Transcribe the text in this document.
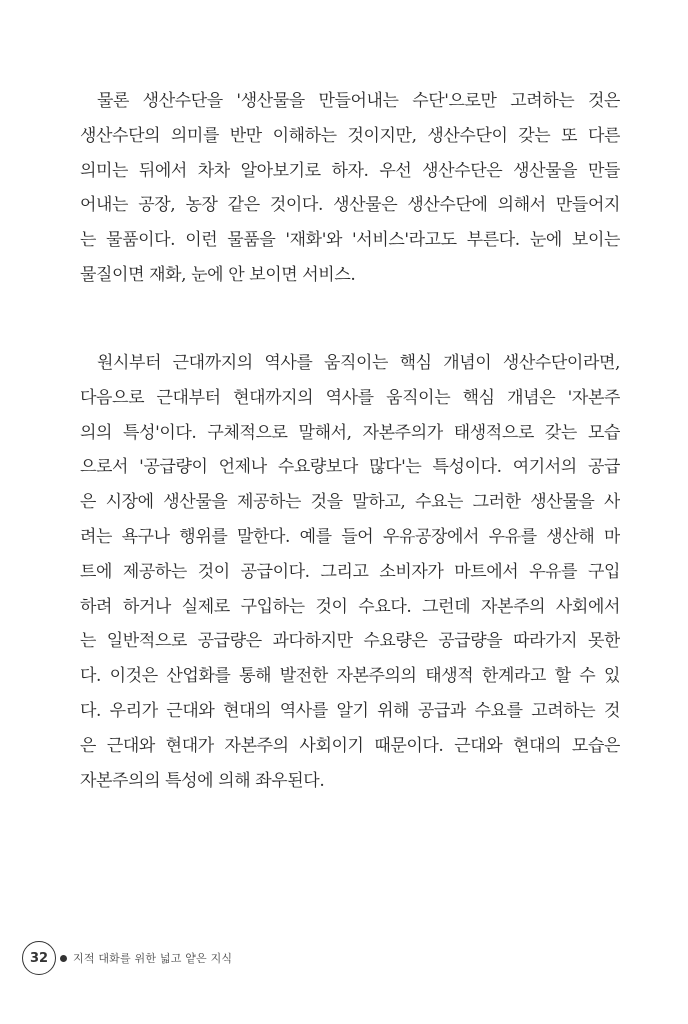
물론 생산수단을 '생산물을 만들어내는 수단'으로만 고려하는 것은
생산수단의 의미를 반만 이해하는 것이지만, 생산수단이 갖는 또 다른
의미는 뒤에서 차차 알아보기로 하자. 우선 생산수단은 생산물을 만들
어내는 공장, 농장 같은 것이다. 생산물은 생산수단에 의해서 만들어지
는 물품이다. 이런 물품을 '재화'와 '서비스'라고도 부른다. 눈에 보이는
물질이면 재화, 눈에 안 보이면 서비스.
원시부터 근대까지의 역사를 움직이는 핵심 개념이 생산수단이라면,
다음으로 근대부터 현대까지의 역사를 움직이는 핵심 개념은 '자본주
의의 특성'이다. 구체적으로 말해서, 자본주의가 태생적으로 갖는 모습
으로서 '공급량이 언제나 수요량보다 많다'는 특성이다. 여기서의 공급
은 시장에 생산물을 제공하는 것을 말하고, 수요는 그러한 생산물을 사
려는 욕구나 행위를 말한다. 예를 들어 우유공장에서 우유를 생산해 마
트에 제공하는 것이 공급이다. 그리고 소비자가 마트에서 우유를 구입
하려 하거나 실제로 구입하는 것이 수요다. 그런데 자본주의 사회에서
는 일반적으로 공급량은 과다하지만 수요량은 공급량을 따라가지 못한
다. 이것은 산업화를 통해 발전한 자본주의의 태생적 한계라고 할 수 있
다. 우리가 근대와 현대의 역사를 알기 위해 공급과 수요를 고려하는 것
은 근대와 현대가 자본주의 사회이기 때문이다. 근대와 현대의 모습은
자본주의의 특성에 의해 좌우된다.
32	지적 대화를 위한 넓고 얕은 지식
